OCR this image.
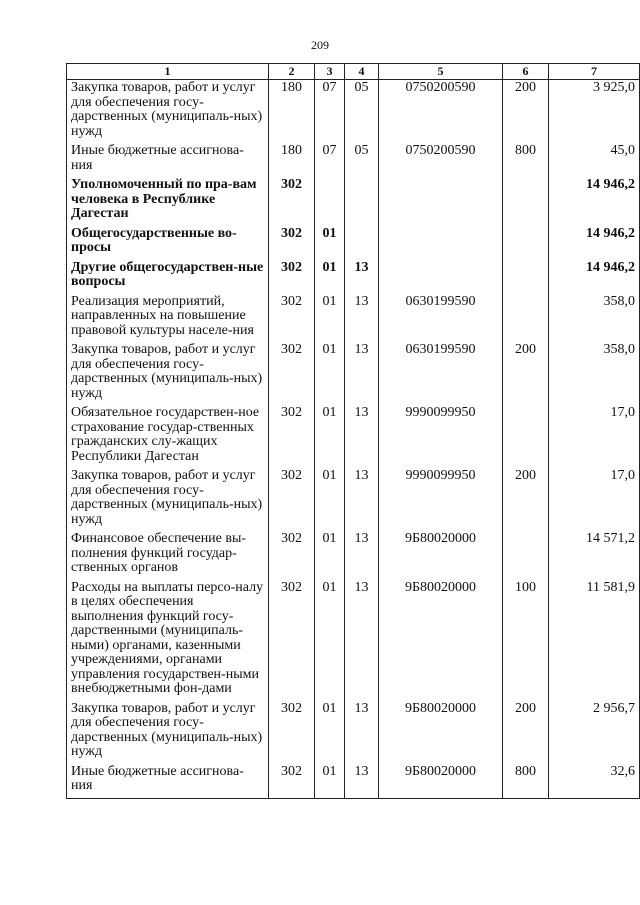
209
1	2	3	4	5	6	7
Закупка товаров, работ и услуг для обеспечения госу-дарственных (муниципаль-ных) нужд	180	07	05	0750200590	200	3 925,0
Иные бюджетные ассигнова-ния	180	07	05	0750200590	800	45,0
Уполномоченный по пра-вам человека в Республике Дагестан	302					14 946,2
Общегосударственные во-просы	302	01				14 946,2
Другие общегосударствен-ные вопросы	302	01	13			14 946,2
Реализация мероприятий, направленных на повышение правовой культуры населе-ния	302	01	13	0630199590		358,0
Закупка товаров, работ и услуг для обеспечения госу-дарственных (муниципаль-ных) нужд	302	01	13	0630199590	200	358,0
Обязательное государствен-ное страхование государ-ственных гражданских слу-жащих Республики Дагестан	302	01	13	9990099950		17,0
Закупка товаров, работ и услуг для обеспечения госу-дарственных (муниципаль-ных) нужд	302	01	13	9990099950	200	17,0
Финансовое обеспечение вы-полнения функций государ-ственных органов	302	01	13	9Б80020000		14 571,2
Расходы на выплаты персо-налу в целях обеспечения выполнения функций госу-дарственными (муниципаль-ными) органами, казенными учреждениями, органами управления государствен-ными внебюджетными фон-дами	302	01	13	9Б80020000	100	11 581,9
Закупка товаров, работ и услуг для обеспечения госу-дарственных (муниципаль-ных) нужд	302	01	13	9Б80020000	200	2 956,7
Иные бюджетные ассигнова-ния	302	01	13	9Б80020000	800	32,6
